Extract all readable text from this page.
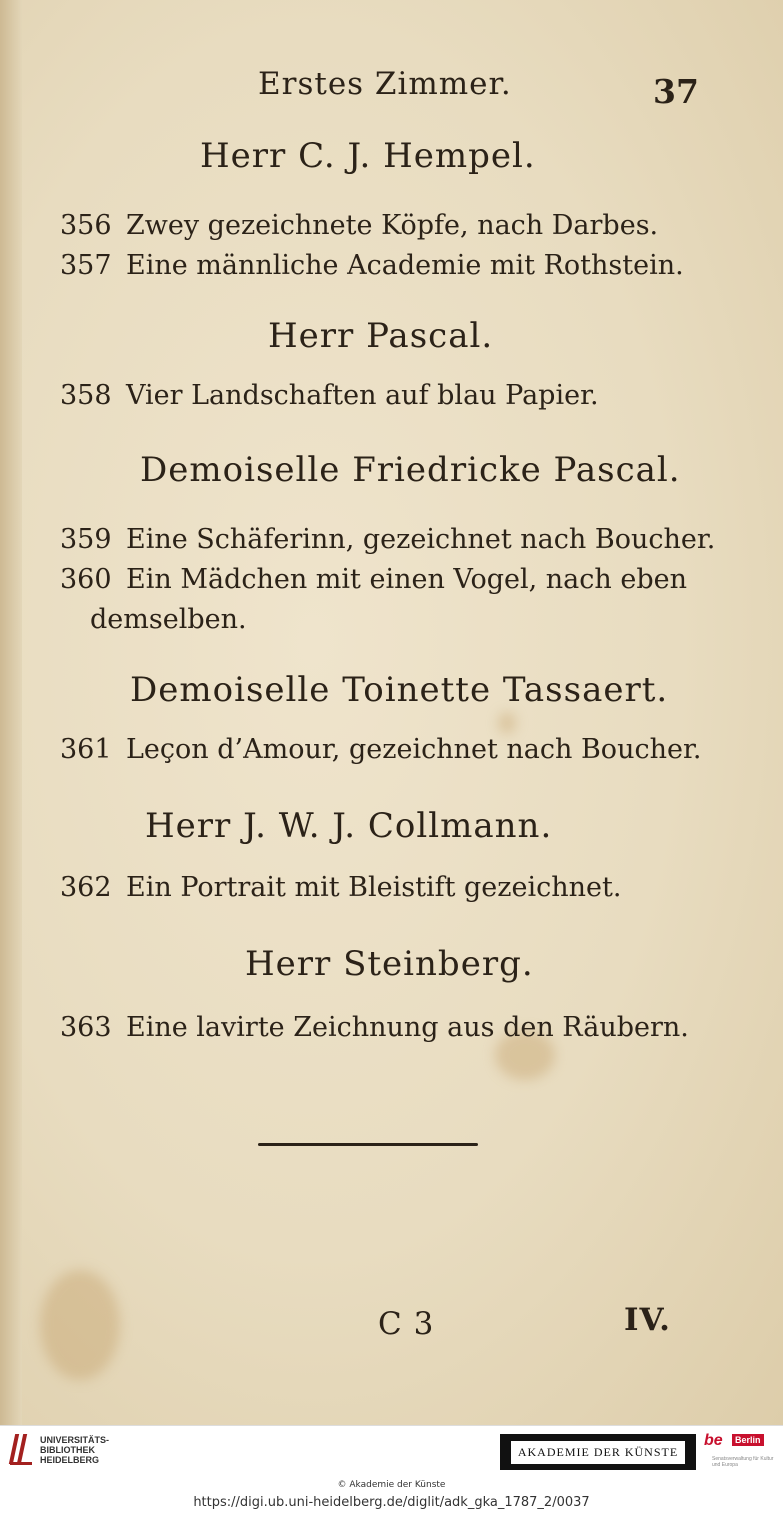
Erstes Zimmer.	37
Herr C. J. Hempel.
356 Zwey gezeichnete Köpfe, nach Darbes.
357 Eine männliche Academie mit Rothstein.
Herr Pascal.
358 Vier Landschaften auf blau Papier.
Demoiselle Friedricke Pascal.
359 Eine Schäferinn, gezeichnet nach Boucher.
360 Ein Mädchen mit einen Vogel, nach eben
demselben.
Demoiselle Toinette Tassaert.
361 Leçon d’Amour, gezeichnet nach Boucher.
Herr J. W. J. Collmann.
362 Ein Portrait mit Bleistift gezeichnet.
Herr Steinberg.
363 Eine lavirte Zeichnung aus den Räubern.
C 3	IV.
UNIVERSITÄTS- BIBLIOTHEK HEIDELBERG
AKADEMIE DER KÜNSTE
be	Berlin
Senatsverwaltung für Kultur und Europa
© Akademie der Künste
https://digi.ub.uni-heidelberg.de/diglit/adk_gka_1787_2/0037
